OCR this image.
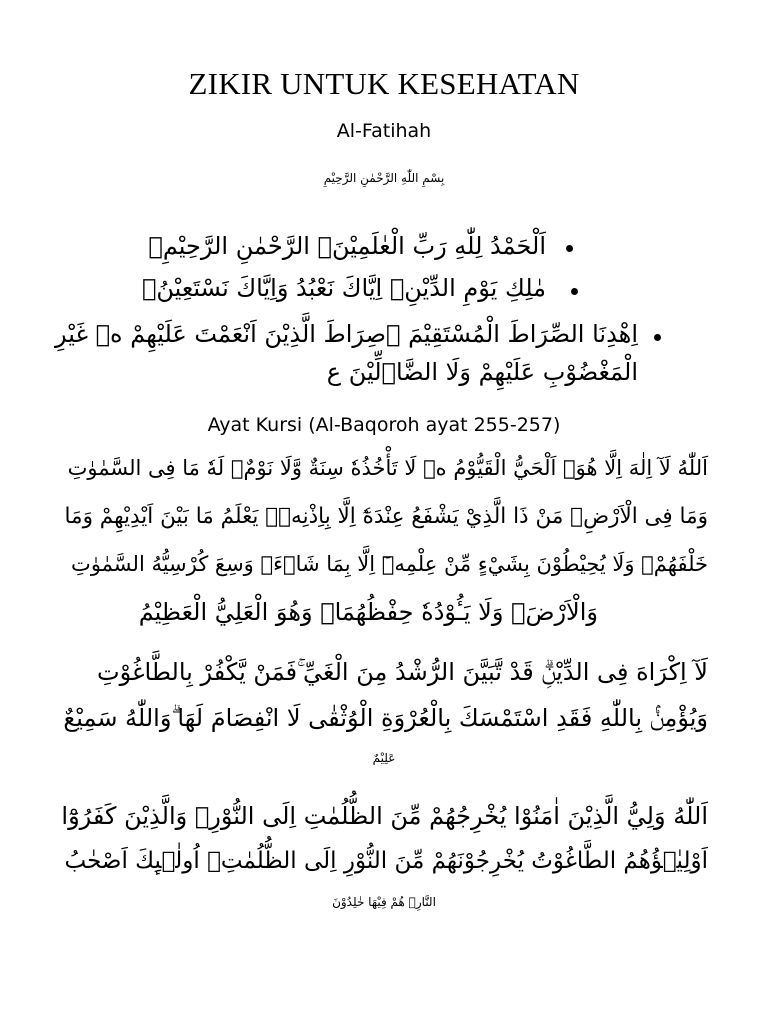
ZIKIR UNTUK KESEHATAN
Al-Fatihah
بِسْمِ اللّٰهِ الرَّحْمٰنِ الرَّحِيْمِ
اَلْحَمْدُ لِلّٰهِ رَبِّ الْعٰلَمِيْنَۙ الرَّحْمٰنِ الرَّحِيْمِۙ
مٰلِكِ يَوْمِ الدِّيْنِۗ اِيَّاكَ نَعْبُدُ وَاِيَّاكَ نَسْتَعِيْنُۗ
اِهْدِنَا الصِّرَاطَ الْمُسْتَقِيْمَ ۙصِرَاطَ الَّذِيْنَ اَنْعَمْتَ عَلَيْهِمْ ەۙ غَيْرِ
الْمَغْضُوْبِ عَلَيْهِمْ وَلَا الضَّاۤلِّيْنَ ع
Ayat Kursi (Al-Baqoroh ayat 255-257)
اَللّٰهُ لَآ اِلٰهَ اِلَّا هُوَۚ اَلْحَيُّ الْقَيُّوْمُ ەۚ لَا تَأْخُذُهٗ سِنَةٌ وَّلَا نَوْمٌۗ لَهٗ مَا فِى السَّمٰوٰتِ
وَمَا فِى الْاَرْضِۗ مَنْ ذَا الَّذِيْ يَشْفَعُ عِنْدَهٗٓ اِلَّا بِاِذْنِهٖۗ يَعْلَمُ مَا بَيْنَ اَيْدِيْهِمْ وَمَا
خَلْفَهُمْۚ وَلَا يُحِيْطُوْنَ بِشَيْءٍ مِّنْ عِلْمِهٖٓ اِلَّا بِمَا شَاۤءَۚ وَسِعَ كُرْسِيُّهُ السَّمٰوٰتِ
وَالْاَرْضَۚ وَلَا يَـُٔوْدُهٗ حِفْظُهُمَاۚ وَهُوَ الْعَلِيُّ الْعَظِيْمُ
لَآ اِكْرَاهَ فِى الدِّيْنِۗ قَدْ تَّبَيَّنَ الرُّشْدُ مِنَ الْغَيِّ ۚفَمَنْ يَّكْفُرْ بِالطَّاغُوْتِ
وَيُؤْمِنْۢ بِاللّٰهِ فَقَدِ اسْتَمْسَكَ بِالْعُرْوَةِ الْوُثْقٰى لَا انْفِصَامَ لَهَا ۗوَاللّٰهُ سَمِيْعٌ
عَلِيْمٌ
اَللّٰهُ وَلِيُّ الَّذِيْنَ اٰمَنُوْا يُخْرِجُهُمْ مِّنَ الظُّلُمٰتِ اِلَى النُّوْرِۗ وَالَّذِيْنَ كَفَرُوْٓا
اَوْلِيٰۤؤُهُمُ الطَّاغُوْتُ يُخْرِجُوْنَهُمْ مِّنَ النُّوْرِ اِلَى الظُّلُمٰتِۗ اُولٰۤىِٕكَ اَصْحٰبُ
النَّارِۚ هُمْ فِيْهَا خٰلِدُوْنَ
